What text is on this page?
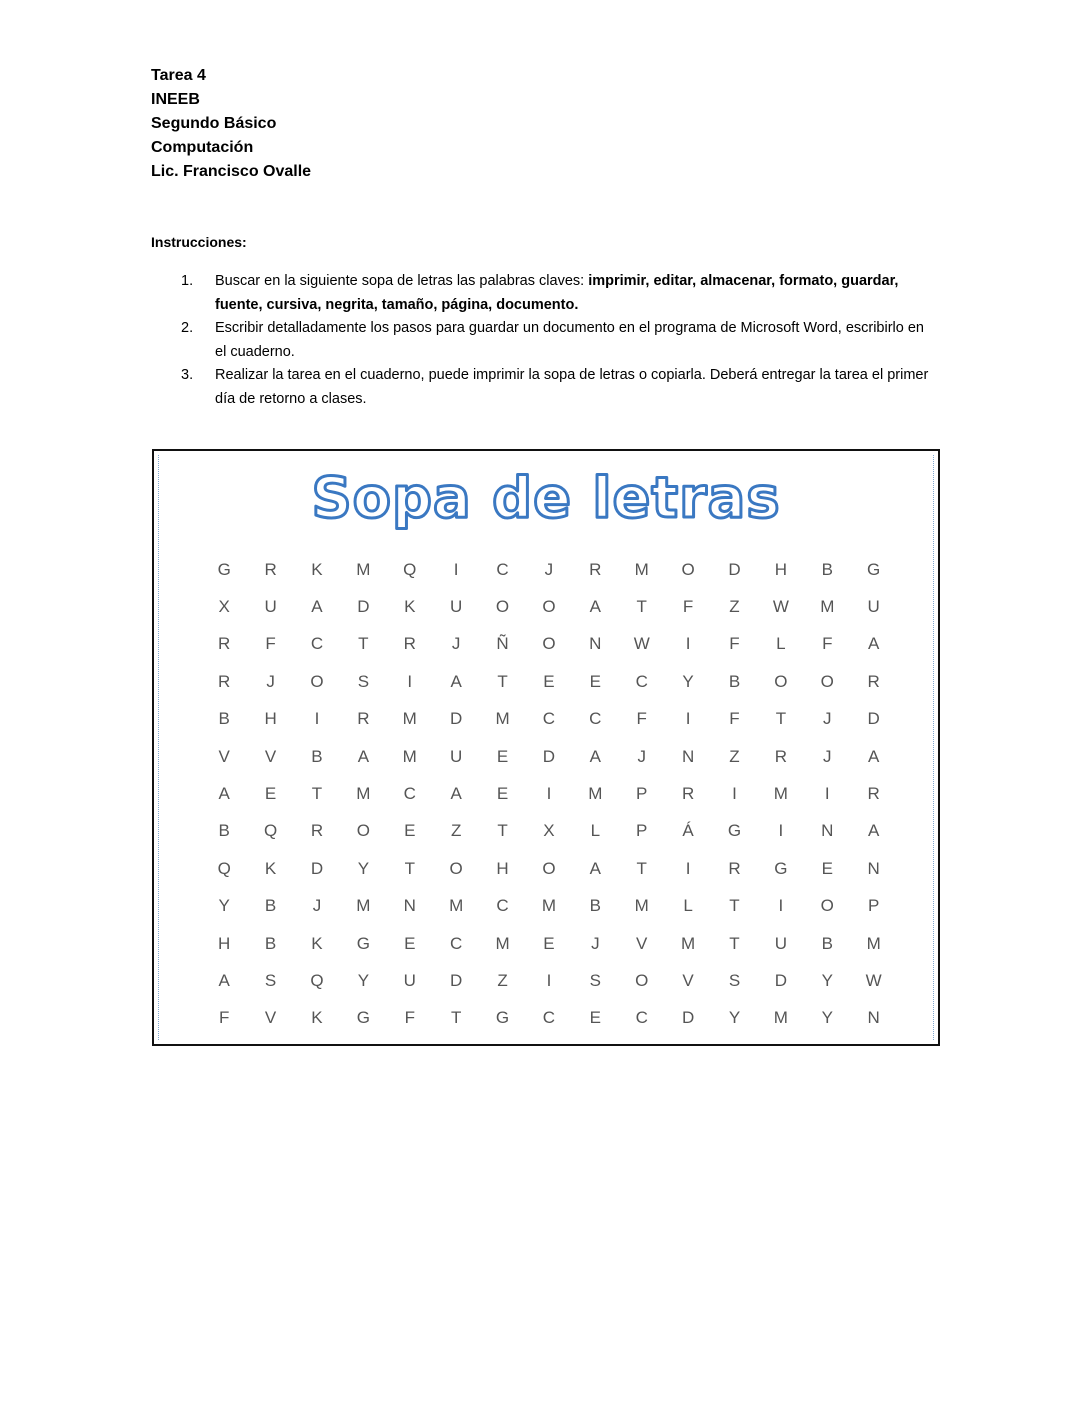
Tarea 4
INEEB
Segundo Básico
Computación
Lic. Francisco Ovalle
Instrucciones:
1. Buscar en la siguiente sopa de letras las palabras claves: imprimir, editar, almacenar, formato, guardar, fuente, cursiva, negrita, tamaño, página, documento.
2. Escribir detalladamente los pasos para guardar un documento en el programa de Microsoft Word, escribirlo en el cuaderno.
3. Realizar la tarea en el cuaderno, puede imprimir la sopa de letras o copiarla. Deberá entregar la tarea el primer día de retorno a clases.
Sopa de letras
G	R	K	M	Q	I	C	J	R	M	O	D	H	B	G
X	U	A	D	K	U	O	O	A	T	F	Z	W	M	U
R	F	C	T	R	J	Ñ	O	N	W	I	F	L	F	A
R	J	O	S	I	A	T	E	E	C	Y	B	O	O	R
B	H	I	R	M	D	M	C	C	F	I	F	T	J	D
V	V	B	A	M	U	E	D	A	J	N	Z	R	J	A
A	E	T	M	C	A	E	I	M	P	R	I	M	I	R
B	Q	R	O	E	Z	T	X	L	P	Á	G	I	N	A
Q	K	D	Y	T	O	H	O	A	T	I	R	G	E	N
Y	B	J	M	N	M	C	M	B	M	L	T	I	O	P
H	B	K	G	E	C	M	E	J	V	M	T	U	B	M
A	S	Q	Y	U	D	Z	I	S	O	V	S	D	Y	W
F	V	K	G	F	T	G	C	E	C	D	Y	M	Y	N
